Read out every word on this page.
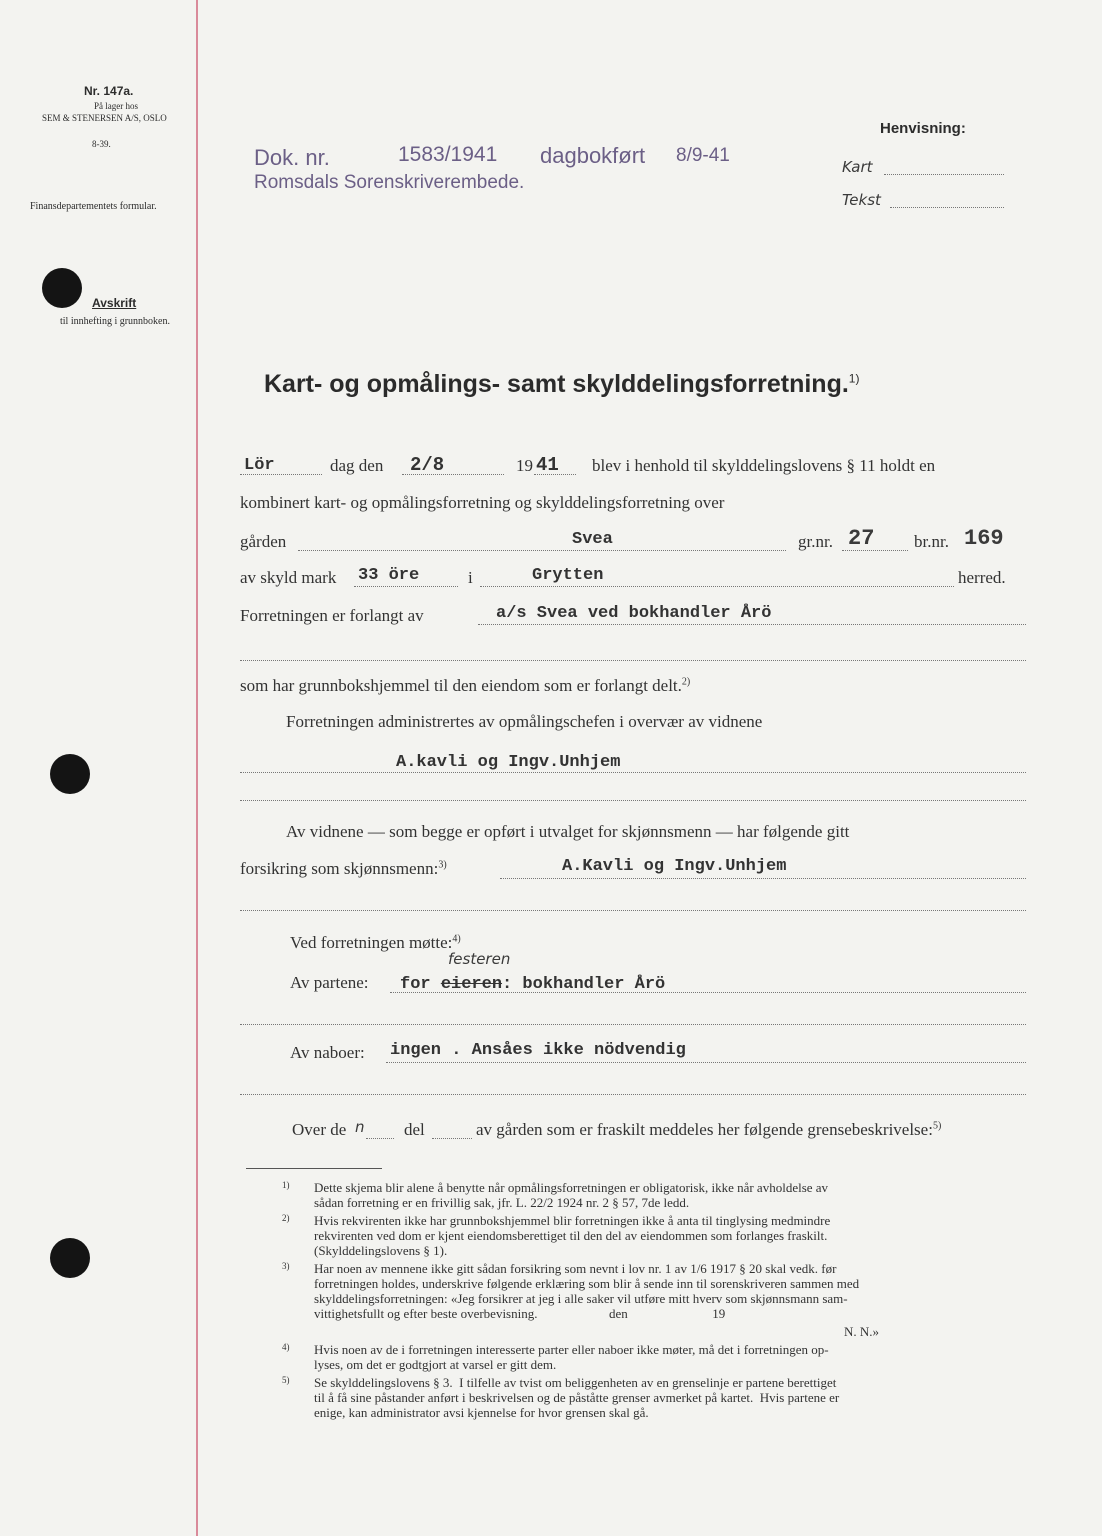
Nr. 147a.
På lager hos
SEM & STENERSEN A/S, OSLO
8-39.
Finansdepartementets formular.
Avskrift
til innhefting i grunnboken.
Dok. nr.	1583/1941 dagbokført 8/9-41
Romsdals Sorenskriverembede.
Henvisning:
Kart
Tekst
Kart- og opmålings- samt skylddelingsforretning.$^{1)}$
Lör	dag den 2/8	19 41 blev i henhold til skylddelingslovens § 11 holdt en
kombinert kart- og opmålingsforretning og skylddelingsforretning over
gården	Svea	gr.nr. 27 br.nr. 169
av skyld mark 33 öre	i	Grytten	herred.
Forretningen er forlangt av	a/s Svea ved bokhandler Årö
som har grunnbokshjemmel til den eiendom som er forlangt delt.$^{2)}$
Forretningen administrertes av opmålingschefen i overvær av vidnene
A.kavli og Ingv.Unhjem
Av vidnene — som begge er opført i utvalget for skjønnsmenn — har følgende gitt
forsikring som skjønnsmenn:$^{3)}$	A.Kavli og Ingv.Unhjem
Ved forretningen møtte:$^{4)}$
Av partene:
festeren
for eieren: bokhandler Årö
Av naboer: ingen . Ansåes ikke nödvendig
Over de n del	av gården som er fraskilt meddeles her følgende grensebeskrivelse:$^{5)}$
1) Dette skjema blir alene å benytte når opmålingsforretningen er obligatorisk, ikke når avholdelse av
sådan forretning er en frivillig sak, jfr. L. 22/2 1924 nr. 2 § 57, 7de ledd.
2) Hvis rekvirenten ikke har grunnbokshjemmel blir forretningen ikke å anta til tinglysing medmindre
rekvirenten ved dom er kjent eiendomsberettiget til den del av eiendommen som forlanges fraskilt.
(Skylddelingslovens § 1).
3) Har noen av mennene ikke gitt sådan forsikring som nevnt i lov nr. 1 av 1/6 1917 § 20 skal vedk. før
forretningen holdes, underskrive følgende erklæring som blir å sende inn til sorenskriveren sammen med
skylddelingsforretningen: «Jeg forsikrer at jeg i alle saker vil utføre mitt hverv som skjønnsmann sam-
vittighetsfullt og efter beste overbevisning.                      den                          19
N. N.»
4) Hvis noen av de i forretningen interesserte parter eller naboer ikke møter, må det i forretningen op-
lyses, om det er godtgjort at varsel er gitt dem.
5) Se skylddelingslovens § 3.  I tilfelle av tvist om beliggenheten av en grenselinje er partene berettiget
til å få sine påstander anført i beskrivelsen og de påståtte grenser avmerket på kartet.  Hvis partene er
enige, kan administrator avsi kjennelse for hvor grensen skal gå.
